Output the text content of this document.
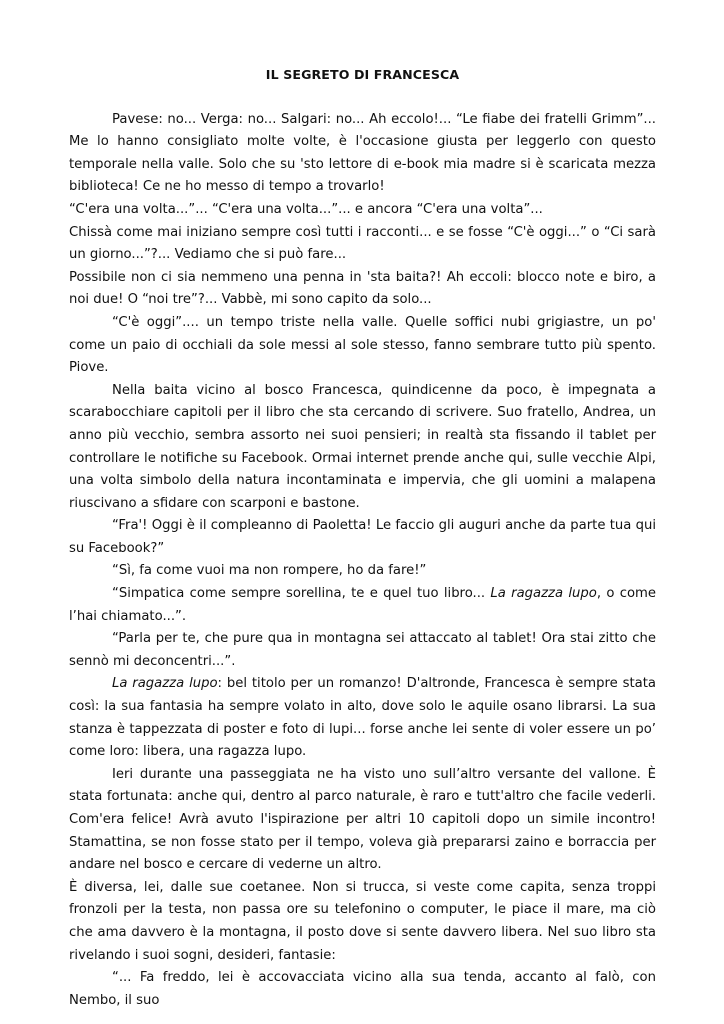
IL SEGRETO DI FRANCESCA

Pavese: no... Verga: no... Salgari: no... Ah eccolo!... “Le fiabe dei fratelli Grimm”... Me lo hanno consigliato molte volte, è l'occasione giusta per leggerlo con questo temporale nella valle. Solo che su 'sto lettore di e-book mia madre si è scaricata mezza biblioteca! Ce ne ho messo di tempo a trovarlo!

“C'era una volta...”... “C'era una volta...”... e ancora “C'era una volta”...

Chissà come mai iniziano sempre così tutti i racconti... e se fosse “C'è oggi...” o “Ci sarà un giorno...”?... Vediamo che si può fare...

Possibile non ci sia nemmeno una penna in 'sta baita?! Ah eccoli: blocco note e biro, a noi due! O “noi tre”?... Vabbè, mi sono capito da solo...

“C'è oggi”.... un tempo triste nella valle. Quelle soffici nubi grigiastre, un po' come un paio di occhiali da sole messi al sole stesso, fanno sembrare tutto più spento. Piove.

Nella baita vicino al bosco Francesca, quindicenne da poco, è impegnata a scarabocchiare capitoli per il libro che sta cercando di scrivere. Suo fratello, Andrea, un anno più vecchio, sembra assorto nei suoi pensieri; in realtà sta fissando il tablet per controllare le notifiche su Facebook. Ormai internet prende anche qui, sulle vecchie Alpi, una volta simbolo della natura incontaminata e impervia, che gli uomini a malapena riuscivano a sfidare con scarponi e bastone.

“Fra'! Oggi è il compleanno di Paoletta! Le faccio gli auguri anche da parte tua qui su Facebook?”

“Sì, fa come vuoi ma non rompere, ho da fare!”

“Simpatica come sempre sorellina, te e quel tuo libro... La ragazza lupo, o come l’hai chiamato...”.

“Parla per te, che pure qua in montagna sei attaccato al tablet! Ora stai zitto che sennò mi deconcentri...”.

La ragazza lupo: bel titolo per un romanzo! D'altronde, Francesca è sempre stata così: la sua fantasia ha sempre volato in alto, dove solo le aquile osano librarsi. La sua stanza è tappezzata di poster e foto di lupi... forse anche lei sente di voler essere un po’ come loro: libera, una ragazza lupo.

Ieri durante una passeggiata ne ha visto uno sull’altro versante del vallone. È stata fortunata: anche qui, dentro al parco naturale, è raro e tutt'altro che facile vederli. Com'era felice! Avrà avuto l'ispirazione per altri 10 capitoli dopo un simile incontro! Stamattina, se non fosse stato per il tempo, voleva già prepararsi zaino e borraccia per andare nel bosco e cercare di vederne un altro.

È diversa, lei, dalle sue coetanee. Non si trucca, si veste come capita, senza troppi fronzoli per la testa, non passa ore su telefonino o computer, le piace il mare, ma ciò che ama davvero è la montagna, il posto dove si sente davvero libera. Nel suo libro sta rivelando i suoi sogni, desideri, fantasie:

“... Fa freddo, lei è accovacciata vicino alla sua tenda, accanto al falò, con Nembo, il suo
